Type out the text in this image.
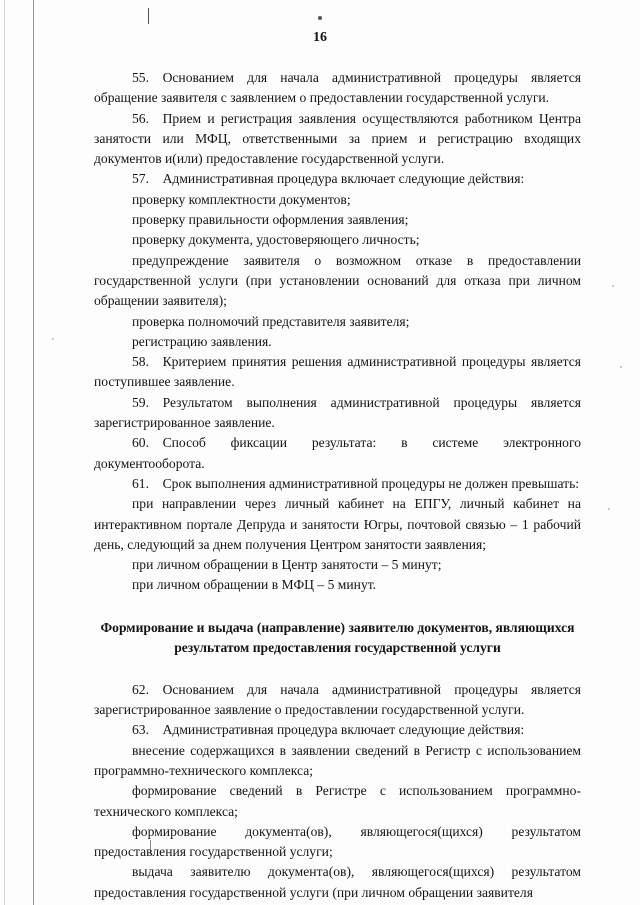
16

55. Основанием для начала административной процедуры является обращение заявителя с заявлением о предоставлении государственной услуги.

56. Прием и регистрация заявления осуществляются работником Центра занятости или МФЦ, ответственными за прием и регистрацию входящих документов и(или) предоставление государственной услуги.

57. Административная процедура включает следующие действия:

проверку комплектности документов;

проверку правильности оформления заявления;

проверку документа, удостоверяющего личность;

предупреждение заявителя о возможном отказе в предоставлении государственной услуги (при установлении оснований для отказа при личном обращении заявителя);

проверка полномочий представителя заявителя;

регистрацию заявления.

58. Критерием принятия решения административной процедуры является поступившее заявление.

59. Результатом выполнения административной процедуры является зарегистрированное заявление.

60. Способ фиксации результата: в системе электронного документооборота.

61. Срок выполнения административной процедуры не должен превышать:

при направлении через личный кабинет на ЕПГУ, личный кабинет на интерактивном портале Депруда и занятости Югры, почтовой связью – 1 рабочий день, следующий за днем получения Центром занятости заявления;

при личном обращении в Центр занятости – 5 минут;

при личном обращении в МФЦ – 5 минут.

Формирование и выдача (направление) заявителю документов, являющихся результатом предоставления государственной услуги

62. Основанием для начала административной процедуры является зарегистрированное заявление о предоставлении государственной услуги.

63. Административная процедура включает следующие действия:

внесение содержащихся в заявлении сведений в Регистр с использованием программно-технического комплекса;

формирование сведений в Регистре с использованием программно-технического комплекса;

формирование документа(ов), являющегося(щихся) результатом предоставления государственной услуги;

выдача заявителю документа(ов), являющегося(щихся) результатом предоставления государственной услуги (при личном обращении заявителя
